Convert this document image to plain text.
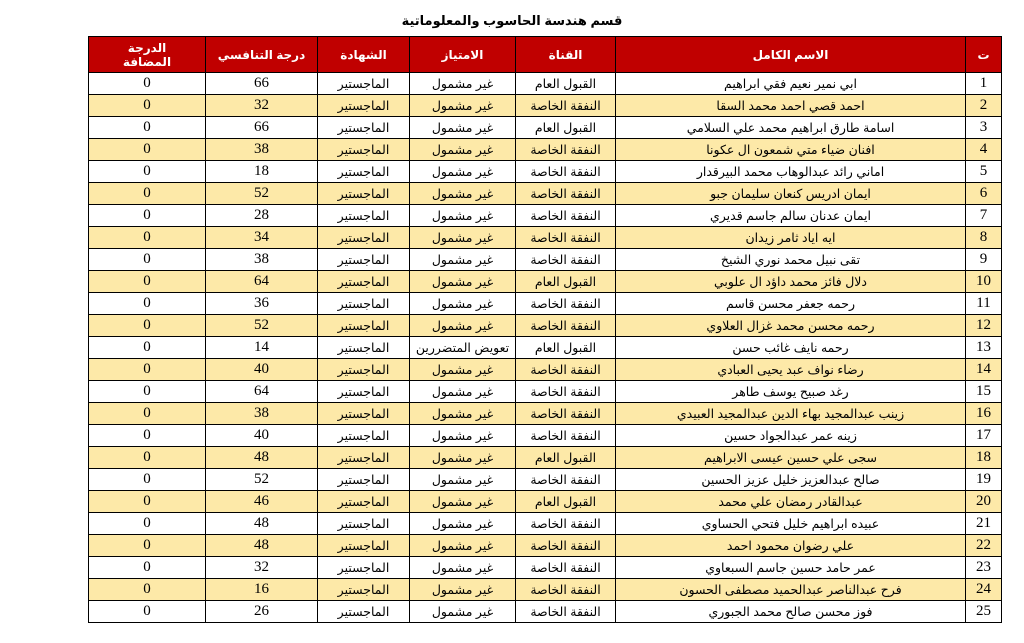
قسم هندسة الحاسوب والمعلوماتية
ت	الاسم الكامل	القناة	الامتياز	الشهادة	درجة التنافسي	الدرجة
المضافة

1	ابي نمير نعيم فقي ابراهيم	القبول العام	غير مشمول	الماجستير	66	0
2	احمد قصي احمد محمد السقا	النفقة الخاصة	غير مشمول	الماجستير	32	0
3	اسامة طارق ابراهيم محمد علي السلامي	القبول العام	غير مشمول	الماجستير	66	0
4	افنان ضياء متي شمعون ال عكونا	النفقة الخاصة	غير مشمول	الماجستير	38	0
5	اماني رائد عبدالوهاب محمد البيرقدار	النفقة الخاصة	غير مشمول	الماجستير	18	0
6	ايمان ادريس كنعان سليمان جبو	النفقة الخاصة	غير مشمول	الماجستير	52	0
7	ايمان عدنان سالم جاسم قديري	النفقة الخاصة	غير مشمول	الماجستير	28	0
8	ايه اياد ثامر زيدان	النفقة الخاصة	غير مشمول	الماجستير	34	0
9	تقى نبيل محمد نوري الشيخ	النفقة الخاصة	غير مشمول	الماجستير	38	0
10	دلال فائز محمد داؤد ال علوبي	القبول العام	غير مشمول	الماجستير	64	0
11	رحمه جعفر محسن قاسم	النفقة الخاصة	غير مشمول	الماجستير	36	0
12	رحمه محسن محمد غزال العلاوي	النفقة الخاصة	غير مشمول	الماجستير	52	0
13	رحمه نايف غائب حسن	القبول العام	تعويض المتضررين	الماجستير	14	0
14	رضاء نواف عبد يحيى العبادي	النفقة الخاصة	غير مشمول	الماجستير	40	0
15	رغد صبيح يوسف طاهر	النفقة الخاصة	غير مشمول	الماجستير	64	0
16	زينب عبدالمجيد بهاء الدين عبدالمجيد العبيدي	النفقة الخاصة	غير مشمول	الماجستير	38	0
17	زينه عمر عبدالجواد حسين	النفقة الخاصة	غير مشمول	الماجستير	40	0
18	سجى علي حسين عيسى الابراهيم	القبول العام	غير مشمول	الماجستير	48	0
19	صالح عبدالعزيز خليل عزيز الحسين	النفقة الخاصة	غير مشمول	الماجستير	52	0
20	عبدالقادر رمضان علي محمد	القبول العام	غير مشمول	الماجستير	46	0
21	عبيده ابراهيم خليل فتحي الحساوي	النفقة الخاصة	غير مشمول	الماجستير	48	0
22	علي رضوان محمود احمد	النفقة الخاصة	غير مشمول	الماجستير	48	0
23	عمر حامد حسين جاسم السبعاوي	النفقة الخاصة	غير مشمول	الماجستير	32	0
24	فرح عبدالناصر عبدالحميد مصطفى الحسون	النفقة الخاصة	غير مشمول	الماجستير	16	0
25	فوز محسن صالح محمد الجبوري	النفقة الخاصة	غير مشمول	الماجستير	26	0
